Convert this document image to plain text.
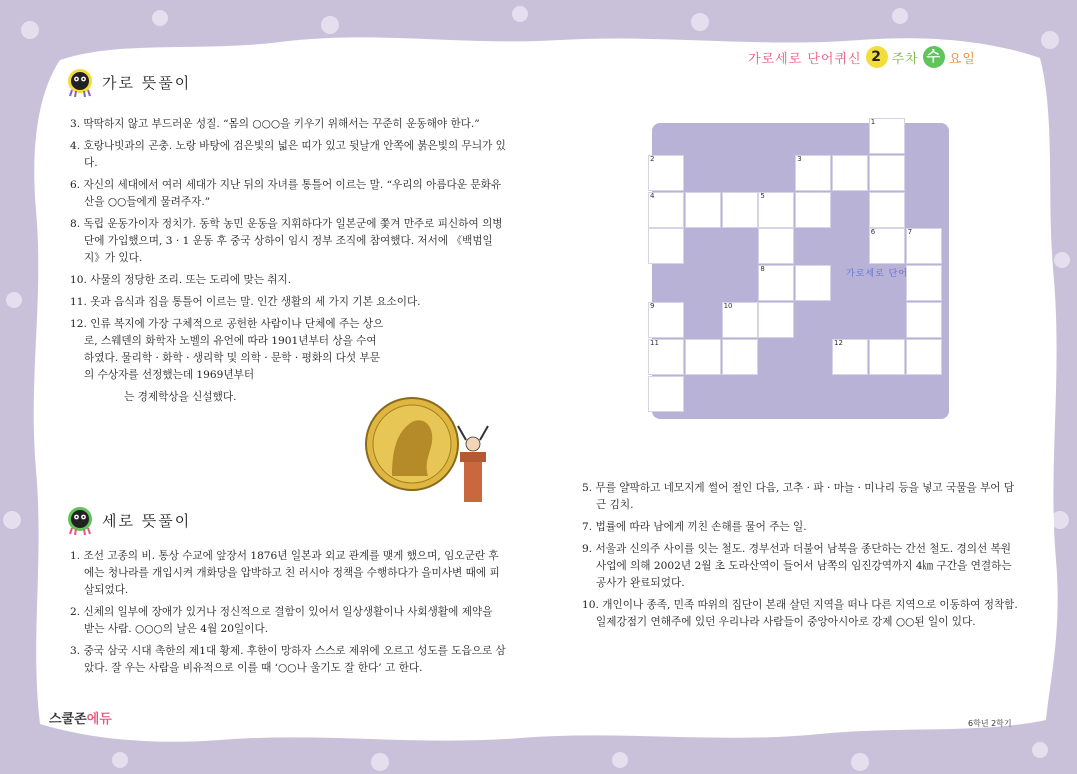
가로세로 단어퀴신 2 주차 수 요일
가로 뜻풀이
3. 딱딱하지 않고 부드러운 성질. “몸의 ○○○을 키우기 위해서는 꾸준히 운동해야 한다.”
4. 호랑나빗과의 곤충. 노랑 바탕에 검은빛의 넓은 띠가 있고 뒷날개 안쪽에 붉은빛의 무늬가 있다.
6. 자신의 세대에서 여러 세대가 지난 뒤의 자녀를 통틀어 이르는 말. “우리의 아름다운 문화유산을 ○○들에게 물려주자.”
8. 독립 운동가이자 정치가. 동학 농민 운동을 지휘하다가 일본군에 쫓겨 만주로 피신하여 의병단에 가입했으며, 3 · 1 운동 후 중국 상하이 임시 정부 조직에 참여했다. 저서에 《백범일지》가 있다.
10. 사물의 정당한 조리. 또는 도리에 맞는 취지.
11. 옷과 음식과 집을 통틀어 이르는 말. 인간 생활의 세 가지 기본 요소이다.
12. 인류 복지에 가장 구체적으로 공헌한 사람이나 단체에 주는 상으로, 스웨덴의 화학자 노벨의 유언에 따라 1901년부터 상을 수여하였다. 물리학 · 화학 · 생리학 및 의학 · 문학 · 평화의 다섯 부문의 수상자를 선정했는데 1969년부터
는 경제학상을 신설했다.
1
2	3
4	5
6	7
8
9	10
11	12
가로세로 단어
세로 뜻풀이
1. 조선 고종의 비. 통상 수교에 앞장서 1876년 일본과 외교 관계를 맺게 했으며, 임오군란 후에는 청나라를 개입시켜 개화당을 압박하고 친 러시아 정책을 수행하다가 을미사변 때에 피살되었다.
2. 신체의 일부에 장애가 있거나 정신적으로 결함이 있어서 일상생활이나 사회생활에 제약을 받는 사람. ○○○의 날은 4월 20일이다.
3. 중국 삼국 시대 촉한의 제1대 황제. 후한이 망하자 스스로 제위에 오르고 성도를 도읍으로 삼았다. 잘 우는 사람을 비유적으로 이를 때 ‘○○나 울기도 잘 한다’ 고 한다.
5. 무를 얄팍하고 네모지게 썰어 절인 다음, 고추 · 파 · 마늘 · 미나리 등을 넣고 국물을 부어 담근 김치.
7. 법률에 따라 남에게 끼친 손해를 물어 주는 일.
9. 서울과 신의주 사이를 잇는 철도. 경부선과 더불어 남북을 종단하는 간선 철도. 경의선 복원사업에 의해 2002년 2월 초 도라산역이 들어서 남쪽의 임진강역까지 4㎞ 구간을 연결하는 공사가 완료되었다.
10. 개인이나 종족, 민족 따위의 집단이 본래 살던 지역을 떠나 다른 지역으로 이동하여 정착함. 일제강점기 연해주에 있던 우리나라 사람들이 중앙아시아로 강제 ○○된 일이 있다.
스쿨존에듀	6학년 2학기
